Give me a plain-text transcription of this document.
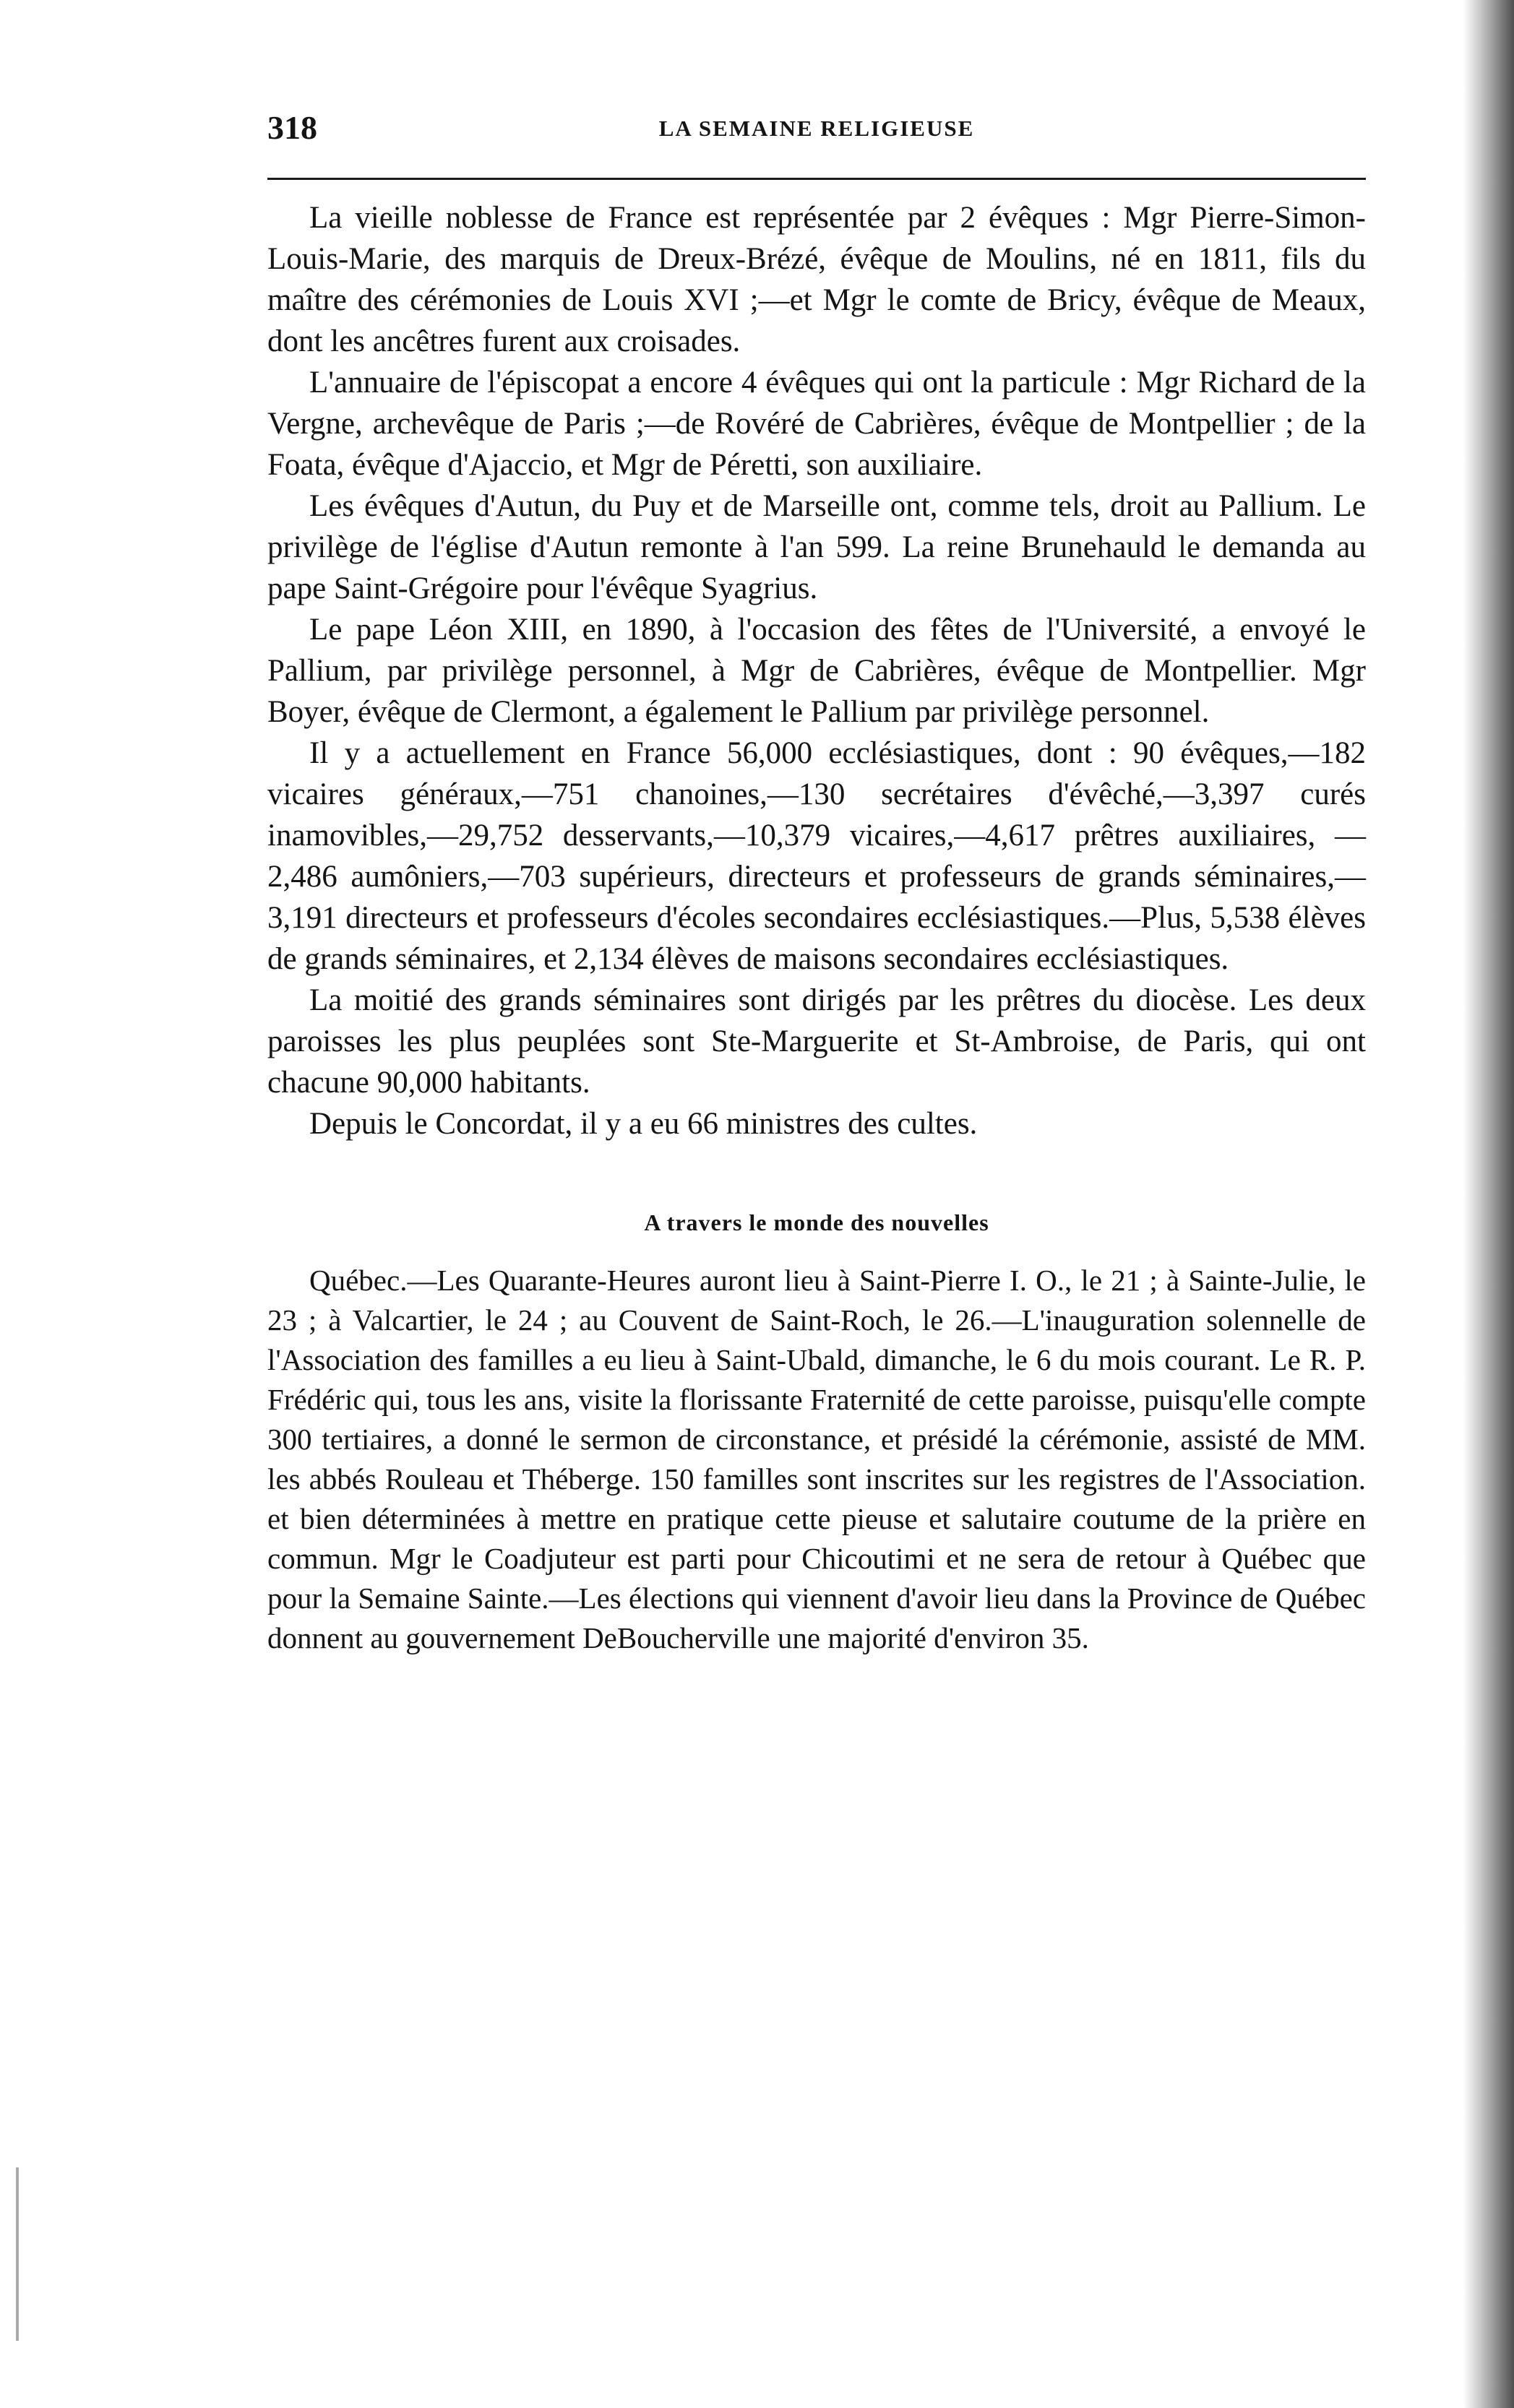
318	LA SEMAINE RELIGIEUSE

La vieille noblesse de France est représentée par 2 évêques : Mgr Pierre-Simon-Louis-Marie, des marquis de Dreux-Brézé, évêque de Moulins, né en 1811, fils du maître des cérémonies de Louis XVI ;—et Mgr le comte de Bricy, évêque de Meaux, dont les ancêtres furent aux croisades.

L'annuaire de l'épiscopat a encore 4 évêques qui ont la particule : Mgr Richard de la Vergne, archevêque de Paris ;—de Rovéré de Cabrières, évêque de Montpellier ; de la Foata, évêque d'Ajaccio, et Mgr de Péretti, son auxiliaire.

Les évêques d'Autun, du Puy et de Marseille ont, comme tels, droit au Pallium. Le privilège de l'église d'Autun remonte à l'an 599. La reine Brunehauld le demanda au pape Saint-Grégoire pour l'évêque Syagrius.

Le pape Léon XIII, en 1890, à l'occasion des fêtes de l'Université, a envoyé le Pallium, par privilège personnel, à Mgr de Cabrières, évêque de Montpellier. Mgr Boyer, évêque de Clermont, a également le Pallium par privilège personnel.

Il y a actuellement en France 56,000 ecclésiastiques, dont : 90 évêques,—182 vicaires généraux,—751 chanoines,—130 secrétaires d'évêché,—3,397 curés inamovibles,—29,752 desservants,—10,379 vicaires,—4,617 prêtres auxiliaires, —2,486 aumôniers,—703 supérieurs, directeurs et professeurs de grands séminaires,—3,191 directeurs et professeurs d'écoles secondaires ecclésiastiques.—Plus, 5,538 élèves de grands séminaires, et 2,134 élèves de maisons secondaires ecclésiastiques.

La moitié des grands séminaires sont dirigés par les prêtres du diocèse. Les deux paroisses les plus peuplées sont Ste-Marguerite et St-Ambroise, de Paris, qui ont chacune 90,000 habitants.

Depuis le Concordat, il y a eu 66 ministres des cultes.

A travers le monde des nouvelles

Québec.—Les Quarante-Heures auront lieu à Saint-Pierre I. O., le 21 ; à Sainte-Julie, le 23 ; à Valcartier, le 24 ; au Couvent de Saint-Roch, le 26.—L'inauguration solennelle de l'Association des familles a eu lieu à Saint-Ubald, dimanche, le 6 du mois courant. Le R. P. Frédéric qui, tous les ans, visite la florissante Fraternité de cette paroisse, puisqu'elle compte 300 tertiaires, a donné le sermon de circonstance, et présidé la cérémonie, assisté de MM. les abbés Rouleau et Théberge. 150 familles sont inscrites sur les registres de l'Association. et bien déterminées à mettre en pratique cette pieuse et salutaire coutume de la prière en commun. Mgr le Coadjuteur est parti pour Chicoutimi et ne sera de retour à Québec que pour la Semaine Sainte.—Les élections qui viennent d'avoir lieu dans la Province de Québec donnent au gouvernement DeBoucherville une majorité d'environ 35.
